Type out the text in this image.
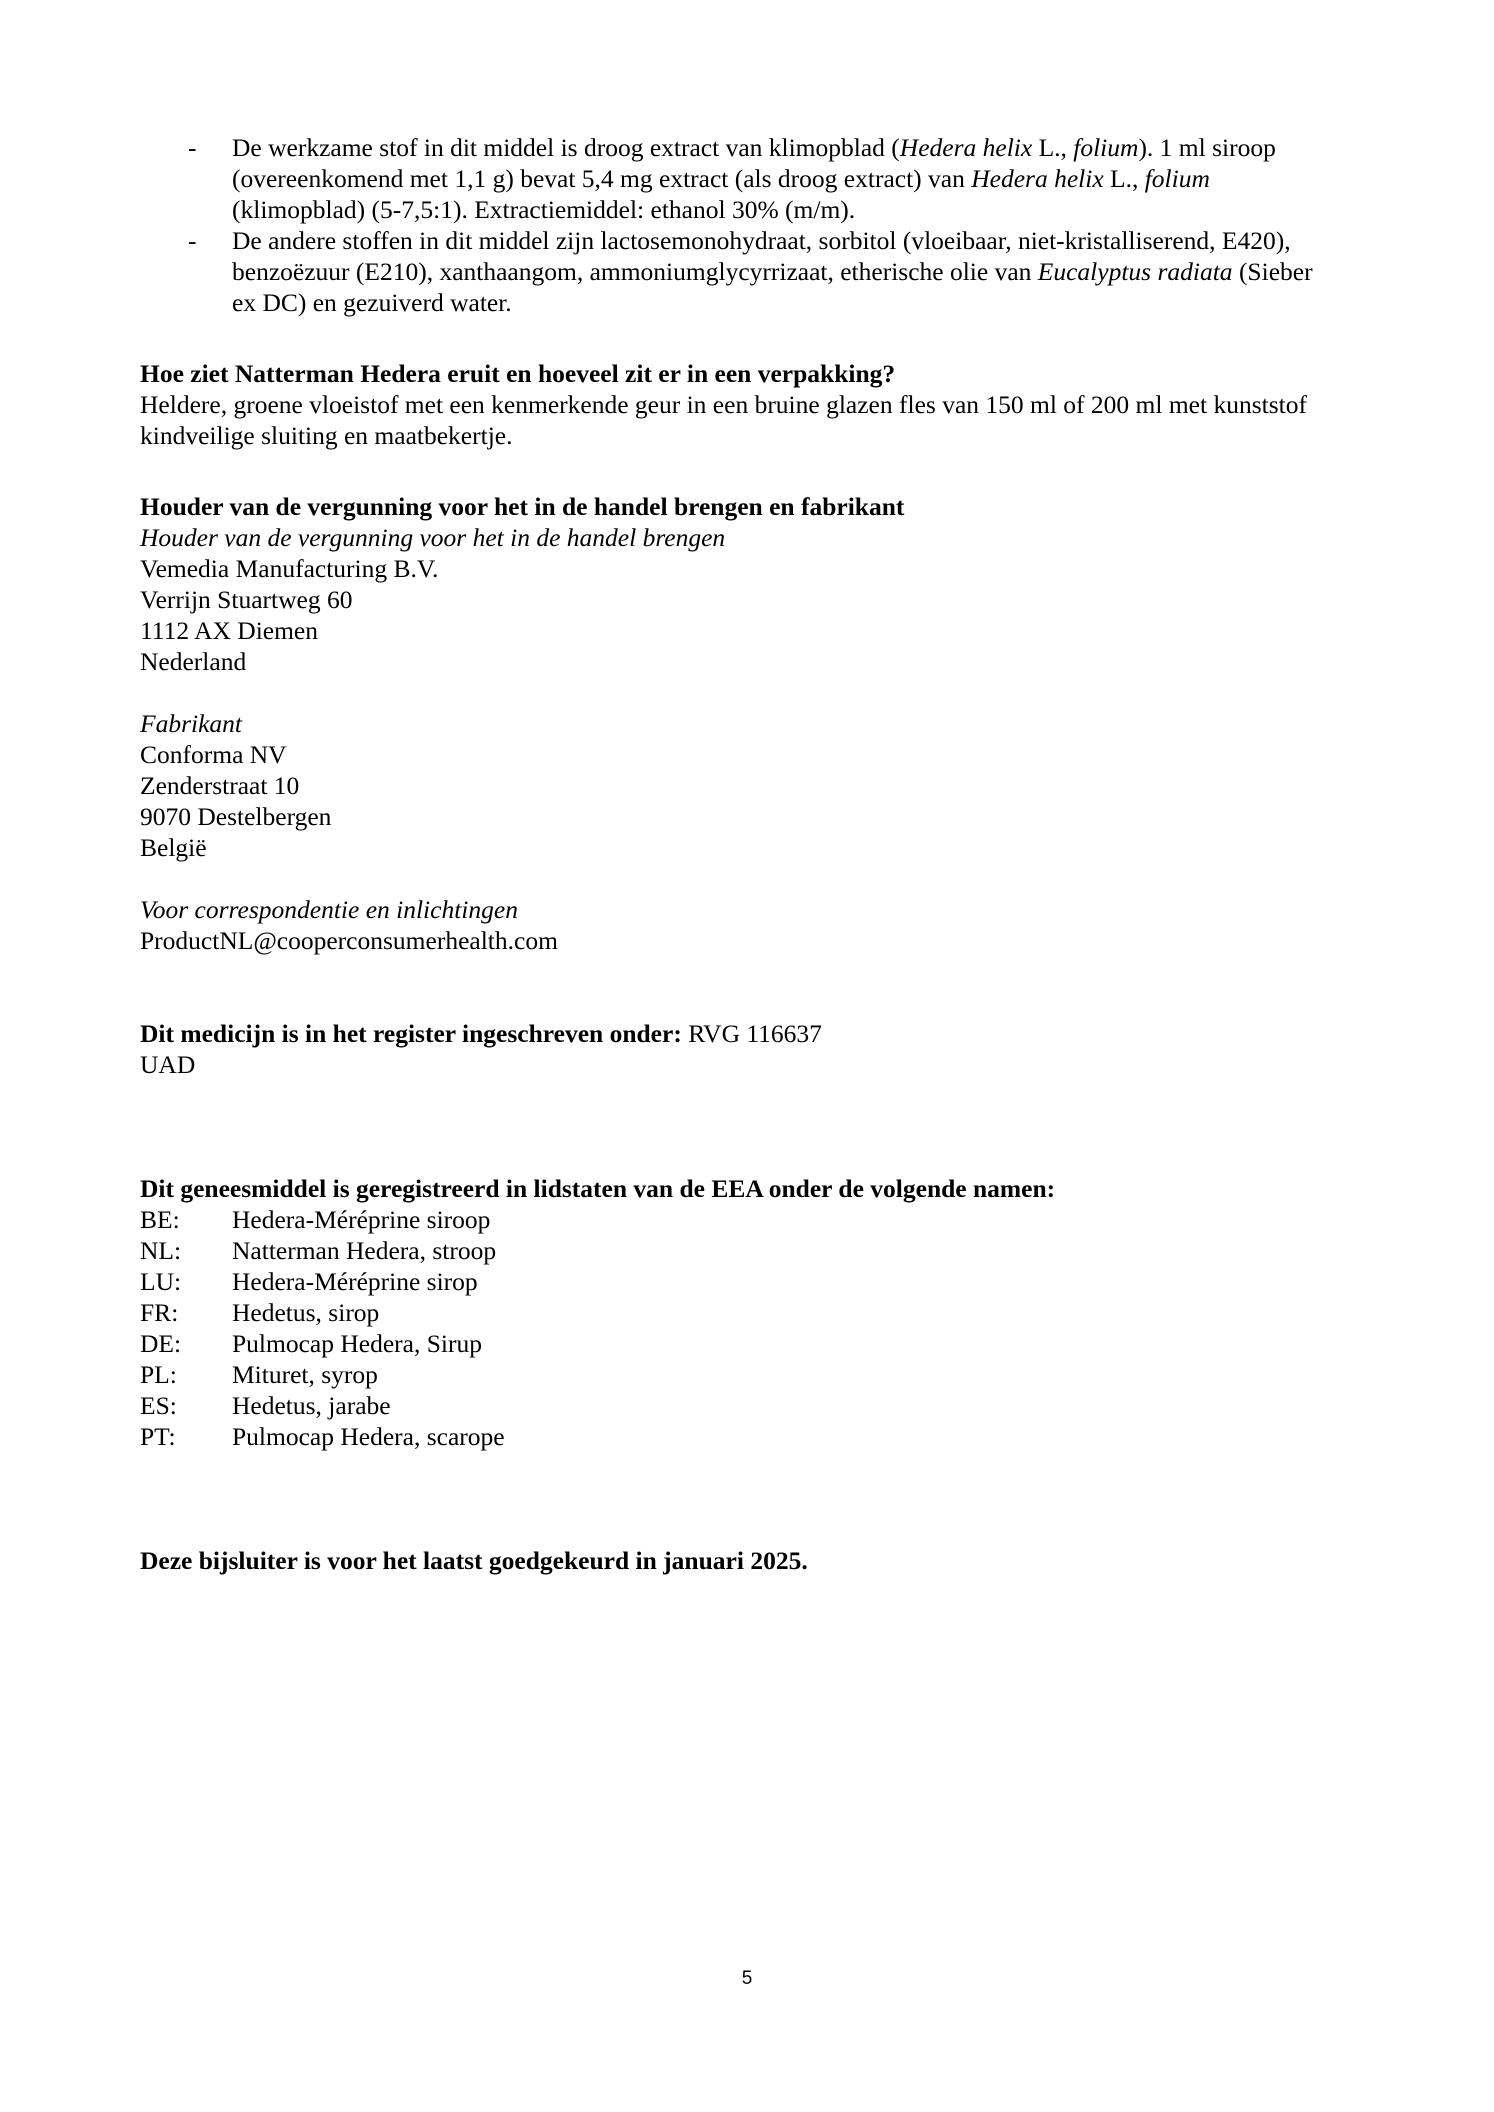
- De werkzame stof in dit middel is droog extract van klimopblad (Hedera helix L., folium). 1 ml siroop (overeenkomend met 1,1 g) bevat 5,4 mg extract (als droog extract) van Hedera helix L., folium (klimopblad) (5-7,5:1). Extractiemiddel: ethanol 30% (m/m).
- De andere stoffen in dit middel zijn lactosemonohydraat, sorbitol (vloeibaar, niet-kristalliserend, E420), benzoëzuur (E210), xanthaangom, ammoniumglycyrrizaat, etherische olie van Eucalyptus radiata (Sieber ex DC) en gezuiverd water.
Hoe ziet Natterman Hedera eruit en hoeveel zit er in een verpakking?
Heldere, groene vloeistof met een kenmerkende geur in een bruine glazen fles van 150 ml of 200 ml met kunststof kindveilige sluiting en maatbekertje.
Houder van de vergunning voor het in de handel brengen en fabrikant
Houder van de vergunning voor het in de handel brengen
Vemedia Manufacturing B.V.
Verrijn Stuartweg 60
1112 AX Diemen
Nederland
Fabrikant
Conforma NV
Zenderstraat 10
9070 Destelbergen
België
Voor correspondentie en inlichtingen
ProductNL@cooperconsumerhealth.com
Dit medicijn is in het register ingeschreven onder: RVG 116637
UAD
Dit geneesmiddel is geregistreerd in lidstaten van de EEA onder de volgende namen:
BE:	Hedera-Méréprine siroop
NL:	Natterman Hedera, stroop
LU:	Hedera-Méréprine sirop
FR:	Hedetus, sirop
DE:	Pulmocap Hedera, Sirup
PL:	Mituret, syrop
ES:	Hedetus, jarabe
PT:	Pulmocap Hedera, scarope
Deze bijsluiter is voor het laatst goedgekeurd in januari 2025.
5
